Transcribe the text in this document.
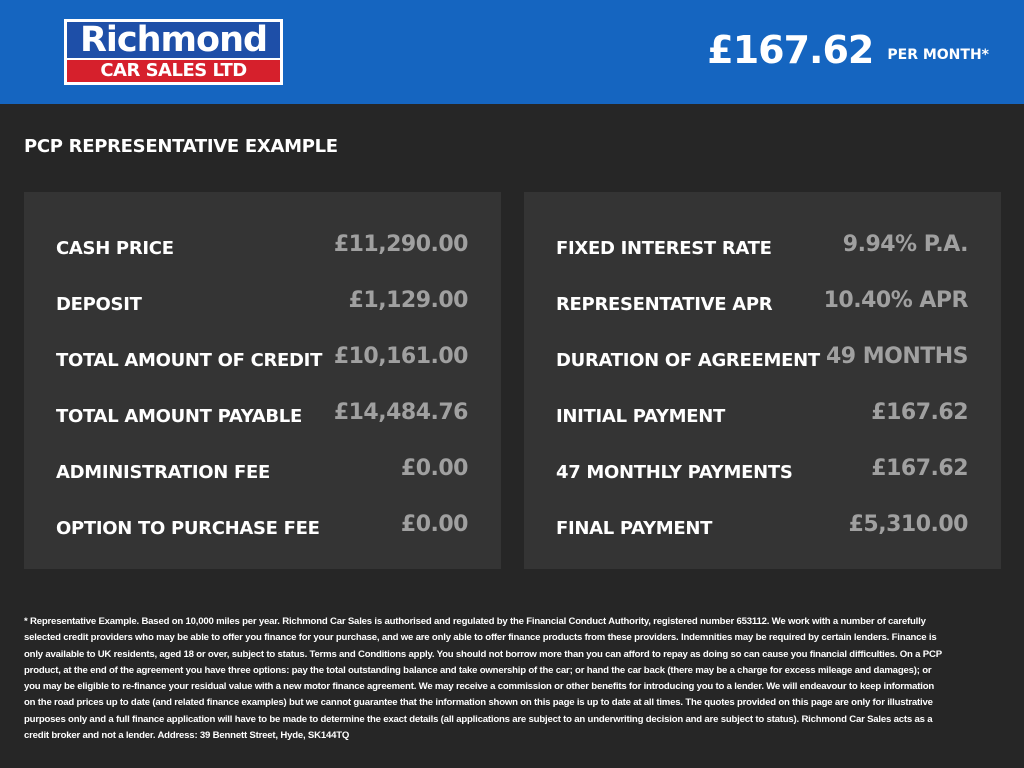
Richmond
CAR SALES LTD	£167.62 PER MONTH*
PCP REPRESENTATIVE EXAMPLE
CASH PRICE	£11,290.00
DEPOSIT	£1,129.00
TOTAL AMOUNT OF CREDIT £10,161.00
TOTAL AMOUNT PAYABLE £14,484.76
ADMINISTRATION FEE	£0.00
OPTION TO PURCHASE FEE	£0.00
FIXED INTEREST RATE	9.94% P.A.
REPRESENTATIVE APR 10.40% APR
DURATION OF AGREEMENT 49 MONTHS
INITIAL PAYMENT	£167.62
47 MONTHLY PAYMENTS	£167.62
FINAL PAYMENT	£5,310.00
* Representative Example. Based on 10,000 miles per year. Richmond Car Sales is authorised and regulated by the Financial Conduct Authority, registered number 653112. We work with a number of carefully selected credit providers who may be able to offer you finance for your purchase, and we are only able to offer finance products from these providers. Indemnities may be required by certain lenders. Finance is only available to UK residents, aged 18 or over, subject to status. Terms and Conditions apply. You should not borrow more than you can afford to repay as doing so can cause you financial difficulties. On a PCP product, at the end of the agreement you have three options: pay the total outstanding balance and take ownership of the car; or hand the car back (there may be a charge for excess mileage and damages); or you may be eligible to re-finance your residual value with a new motor finance agreement. We may receive a commission or other benefits for introducing you to a lender. We will endeavour to keep information on the road prices up to date (and related finance examples) but we cannot guarantee that the information shown on this page is up to date at all times. The quotes provided on this page are only for illustrative purposes only and a full finance application will have to be made to determine the exact details (all applications are subject to an underwriting decision and are subject to status). Richmond Car Sales acts as a credit broker and not a lender. Address: 39 Bennett Street, Hyde, SK144TQ
